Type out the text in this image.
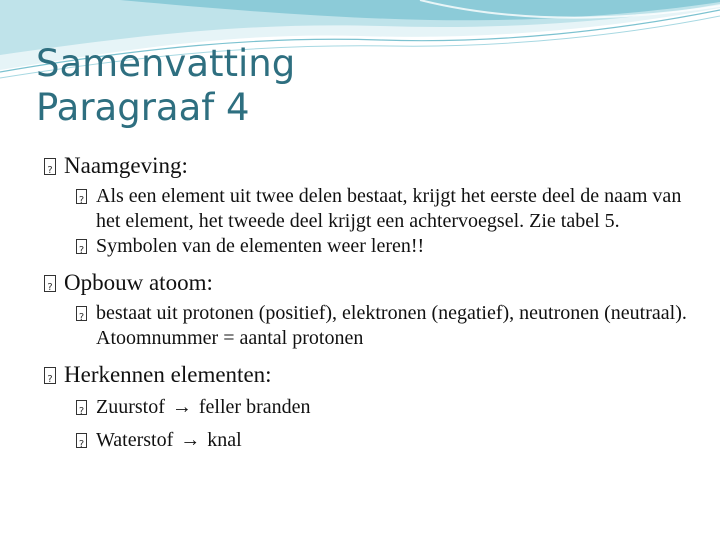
Samenvatting
Paragraaf 4
?
Naamgeving:
?
Als een element uit twee delen bestaat, krijgt het eerste deel de naam van het element, het tweede deel krijgt een achtervoegsel. Zie tabel 5.
?
Symbolen van de elementen weer leren!!
?
Opbouw atoom:
?
bestaat uit protonen (positief), elektronen (negatief), neutronen (neutraal). Atoomnummer = aantal protonen
?
Herkennen elementen:
?
Zuurstof → feller branden
?
Waterstof → knal
